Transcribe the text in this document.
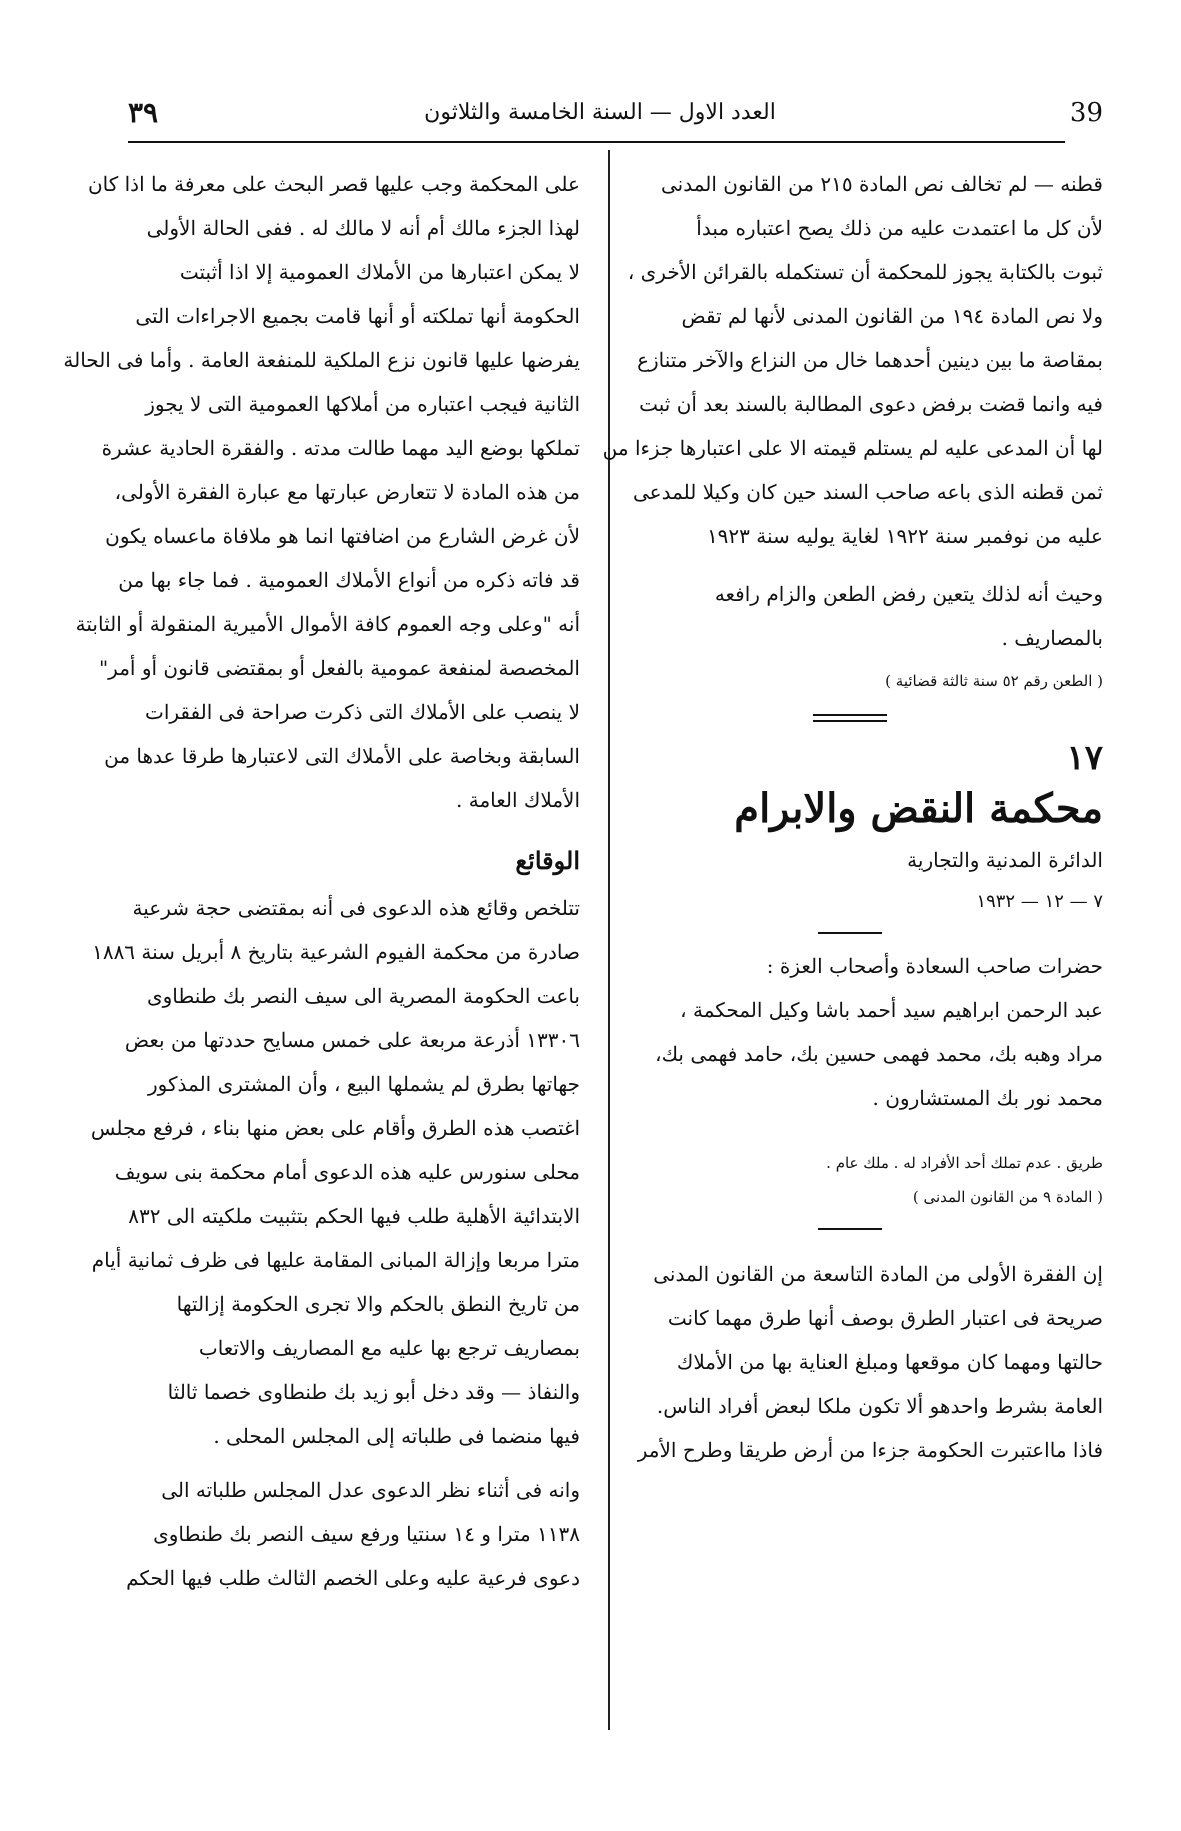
39
العدد الاول — السنة الخامسة والثلاثون
٣٩
قطنه — لم تخالف نص المادة ٢١٥ من القانون المدنى
لأن كل ما اعتمدت عليه من ذلك يصح اعتباره مبدأ
ثبوت بالكتابة يجوز للمحكمة أن تستكمله بالقرائن الأخرى ،
ولا نص المادة ١٩٤ من القانون المدنى لأنها لم تقض
بمقاصة ما بين دينين أحدهما خال من النزاع والآخر متنازع
فيه وانما قضت برفض دعوى المطالبة بالسند بعد أن ثبت
لها أن المدعى عليه لم يستلم قيمته الا على اعتبارها جزءا من
ثمن قطنه الذى باعه صاحب السند حين كان وكيلا للمدعى
عليه من نوفمبر سنة ١٩٢٢ لغاية يوليه سنة ١٩٢٣
وحيث أنه لذلك يتعين رفض الطعن والزام رافعه
بالمصاريف .
( الطعن رقم ٥٢ سنة ثالثة قضائية )
١٧
محكمة النقض والابرام
الدائرة المدنية والتجارية
٧ — ١٢ — ١٩٣٢
حضرات صاحب السعادة وأصحاب العزة :
عبد الرحمن ابراهيم سيد أحمد باشا وكيل المحكمة ،
مراد وهبه بك، محمد فهمى حسين بك، حامد فهمى بك،
محمد نور بك المستشارون .
طريق . عدم تملك أحد الأفراد له . ملك عام .
( المادة ٩ من القانون المدنى )
إن الفقرة الأولى من المادة التاسعة من القانون المدنى
صريحة فى اعتبار الطرق بوصف أنها طرق مهما كانت
حالتها ومهما كان موقعها ومبلغ العناية بها من الأملاك
العامة بشرط واحدهو ألا تكون ملكا لبعض أفراد الناس.
فاذا مااعتبرت الحكومة جزءا من أرض طريقا وطرح الأمر
على المحكمة وجب عليها قصر البحث على معرفة ما اذا كان
لهذا الجزء مالك أم أنه لا مالك له . ففى الحالة الأولى
لا يمكن اعتبارها من الأملاك العمومية إلا اذا أثبتت
الحكومة أنها تملكته أو أنها قامت بجميع الاجراءات التى
يفرضها عليها قانون نزع الملكية للمنفعة العامة . وأما فى الحالة
الثانية فيجب اعتباره من أملاكها العمومية التى لا يجوز
تملكها بوضع اليد مهما طالت مدته . والفقرة الحادية عشرة
من هذه المادة لا تتعارض عبارتها مع عبارة الفقرة الأولى،
لأن غرض الشارع من اضافتها انما هو ملافاة ماعساه يكون
قد فاته ذكره من أنواع الأملاك العمومية . فما جاء بها من
أنه "وعلى وجه العموم كافة الأموال الأميرية المنقولة أو الثابتة
المخصصة لمنفعة عمومية بالفعل أو بمقتضى قانون أو أمر"
لا ينصب على الأملاك التى ذكرت صراحة فى الفقرات
السابقة وبخاصة على الأملاك التى لاعتبارها طرقا عدها من
الأملاك العامة .
الوقائع
تتلخص وقائع هذه الدعوى فى أنه بمقتضى حجة شرعية
صادرة من محكمة الفيوم الشرعية بتاريخ ٨ أبريل سنة ١٨٨٦
باعت الحكومة المصرية الى سيف النصر بك طنطاوى
١٣٣٠٦ أذرعة مربعة على خمس مسايح حددتها من بعض
جهاتها بطرق لم يشملها البيع ، وأن المشترى المذكور
اغتصب هذه الطرق وأقام على بعض منها بناء ، فرفع مجلس
محلى سنورس عليه هذه الدعوى أمام محكمة بنى سويف
الابتدائية الأهلية طلب فيها الحكم بتثبيت ملكيته الى ٨٣٢
مترا مربعا وإزالة المبانى المقامة عليها فى ظرف ثمانية أيام
من تاريخ النطق بالحكم والا تجرى الحكومة إزالتها
بمصاريف ترجع بها عليه مع المصاريف والاتعاب
والنفاذ — وقد دخل أبو زيد بك طنطاوى خصما ثالثا
فيها منضما فى طلباته إلى المجلس المحلى .
وانه فى أثناء نظر الدعوى عدل المجلس طلباته الى
١١٣٨ مترا و ١٤ سنتيا ورفع سيف النصر بك طنطاوى
دعوى فرعية عليه وعلى الخصم الثالث طلب فيها الحكم
